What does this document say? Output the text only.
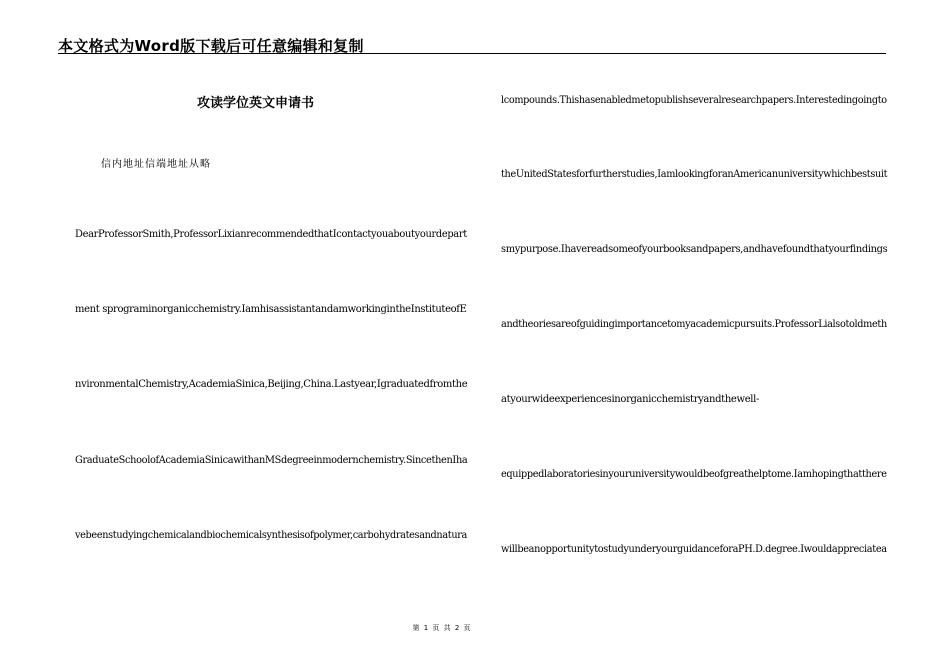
本文格式为Word版下载后可任意编辑和复制
攻读学位英文申请书
信内地址信端地址从略
DearProfessorSmith,ProfessorLixianrecommendedthatIcontactyouaboutyourdepart
ment sprograminorganicchemistry.IamhisassistantandamworkingintheInstituteofE
nvironmentalChemistry,AcademiaSinica,Beijing,China.Lastyear,Igraduatedfromthe
GraduateSchoolofAcademiaSinicawithanMSdegreeinmodernchemistry.SincethenIha
vebeenstudyingchemicalandbiochemicalsynthesisofpolymer,carbohydratesandnatura
lcompounds.Thishasenabledmetopublishseveralresearchpapers.Interestedingoingto
theUnitedStatesforfurtherstudies,IamlookingforanAmericanuniversitywhichbestsuit
smypurpose.Ihavereadsomeofyourbooksandpapers,andhavefoundthatyourfindings
andtheoriesareofguidingimportancetomyacademicpursuits.ProfessorLialsotoldmeth
atyourwideexperiencesinorganicchemistryandthewell-
equippedlaboratoriesinyouruniversitywouldbeofgreathelptome.Iamhopingthatthere
willbeanopportunitytostudyunderyourguidanceforaPH.D.degree.Iwouldappreciatea
第 1 页 共 2 页
